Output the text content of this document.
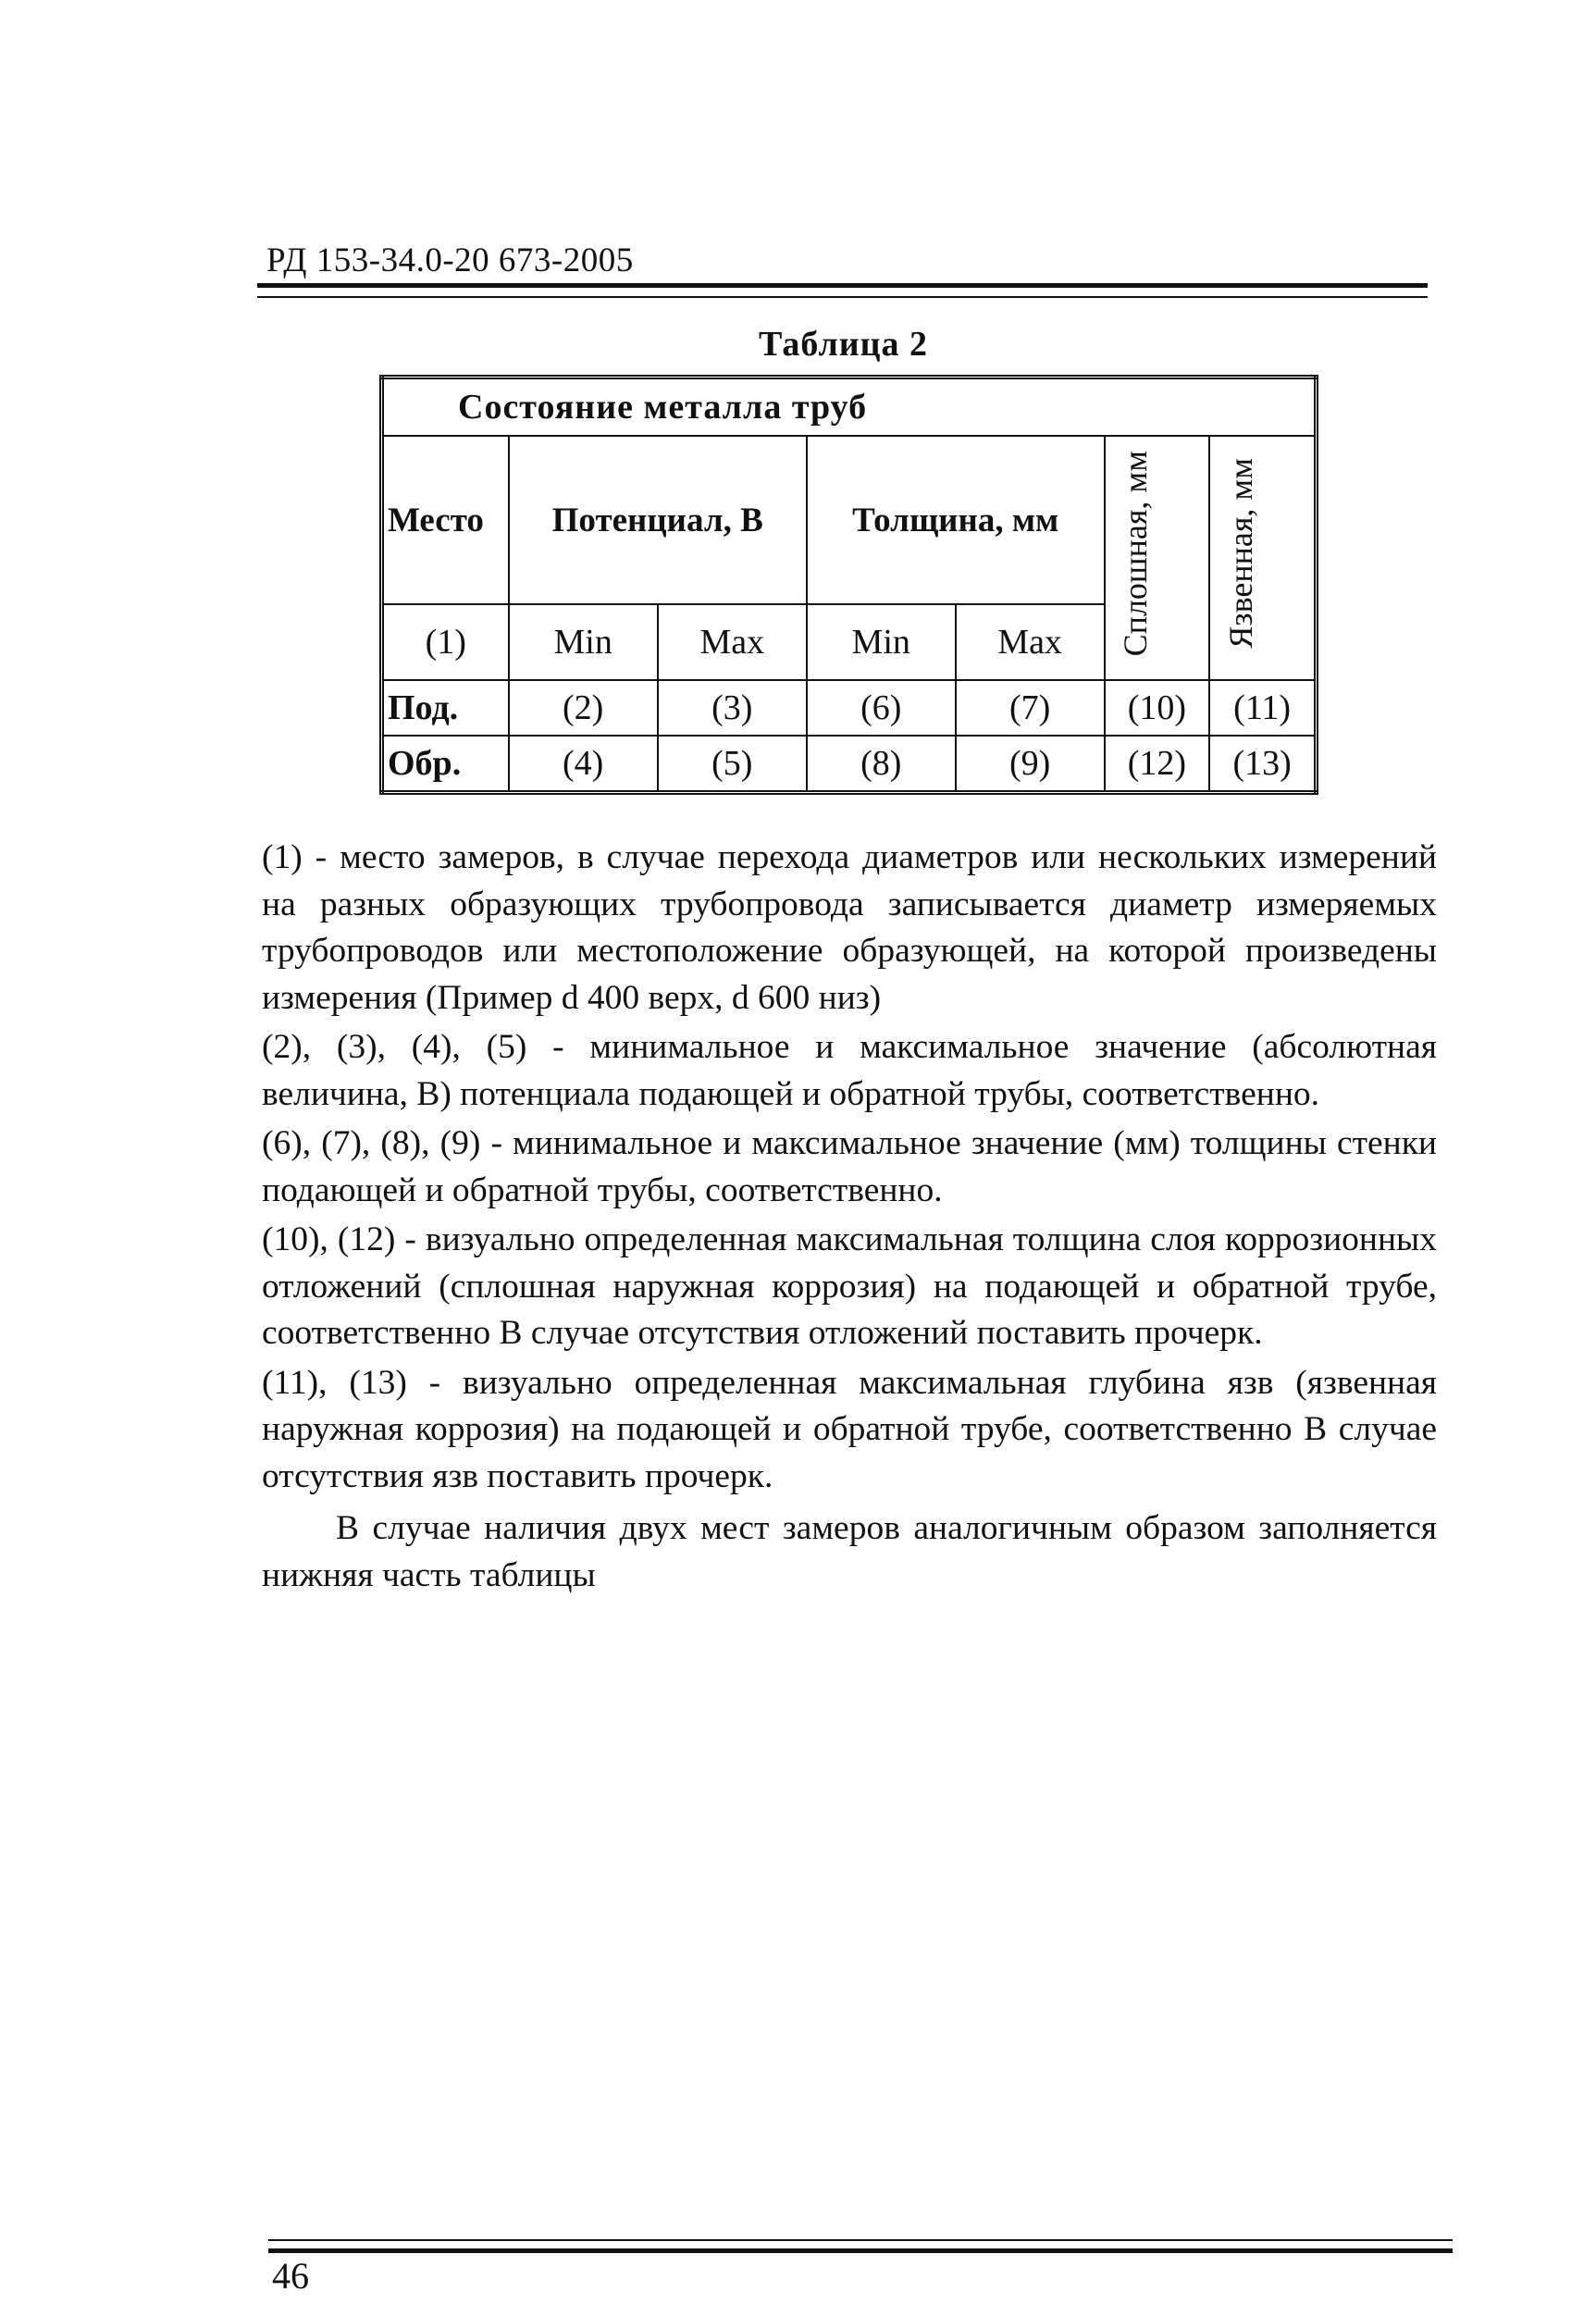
РД 153-34.0-20 673-2005
Таблица 2
Состояние металла труб						
Место	Потенциал, В		Толщина, мм		Сплошная, мм	Язвенная, мм
(1)	Min	Max	Min	Max		
Под.	(2)	(3)	(6)	(7)	(10)	(11)
Обр.	(4)	(5)	(8)	(9)	(12)	(13)

(1) - место замеров, в случае перехода диаметров или нескольких измерений на разных образующих трубопровода записывается диаметр измеряемых трубопроводов или местоположение образующей, на которой произведены измерения (Пример d 400 верх, d 600 низ)

(2), (3), (4), (5) - минимальное и максимальное значение (абсолютная величина, В) потенциала подающей и обратной трубы, соответственно.

(6), (7), (8), (9) - минимальное и максимальное значение (мм) толщины стенки подающей и обратной трубы, соответственно.

(10), (12) - визуально определенная максимальная толщина слоя коррозионных отложений (сплошная наружная коррозия) на подающей и обратной трубе, соответственно В случае отсутствия отложений поставить прочерк.

(11), (13) - визуально определенная максимальная глубина язв (язвенная наружная коррозия) на подающей и обратной трубе, соответственно В случае отсутствия язв поставить прочерк.

В случае наличия двух мест замеров аналогичным образом заполняется нижняя часть таблицы

46
